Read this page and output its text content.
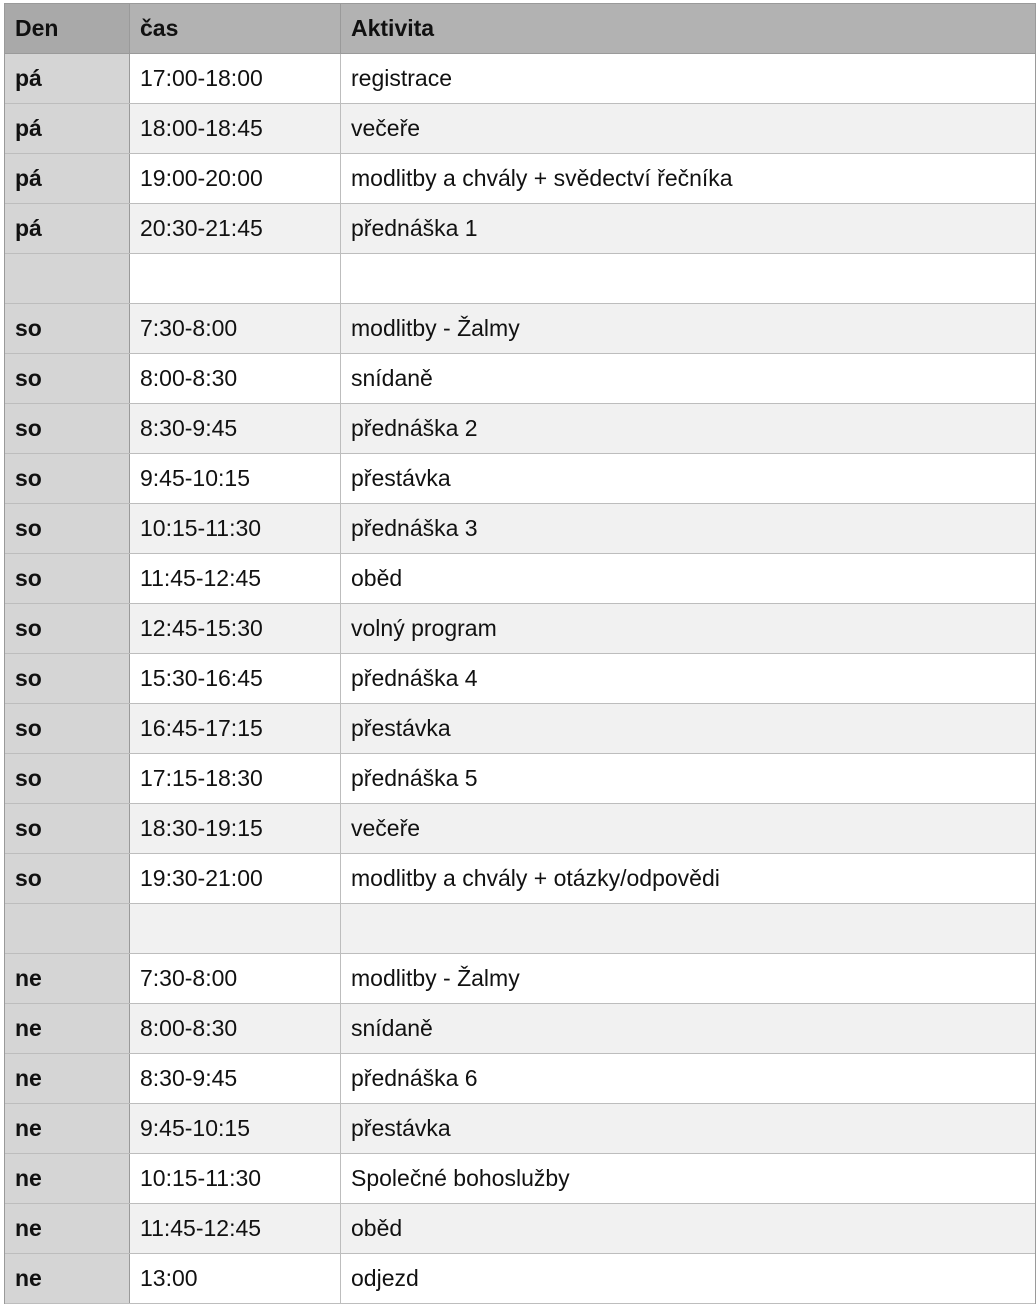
Den	čas	Aktivita
pá	17:00-18:00	registrace
pá	18:00-18:45	večeře
pá	19:00-20:00	modlitby a chvály + svědectví řečníka
pá	20:30-21:45	přednáška 1
so	7:30-8:00	modlitby - Žalmy
so	8:00-8:30	snídaně
so	8:30-9:45	přednáška 2
so	9:45-10:15	přestávka
so	10:15-11:30	přednáška 3
so	11:45-12:45	oběd
so	12:45-15:30	volný program
so	15:30-16:45	přednáška 4
so	16:45-17:15	přestávka
so	17:15-18:30	přednáška 5
so	18:30-19:15	večeře
so	19:30-21:00	modlitby a chvály + otázky/odpovědi
ne	7:30-8:00	modlitby - Žalmy
ne	8:00-8:30	snídaně
ne	8:30-9:45	přednáška 6
ne	9:45-10:15	přestávka
ne	10:15-11:30	Společné bohoslužby
ne	11:45-12:45	oběd
ne	13:00	odjezd
